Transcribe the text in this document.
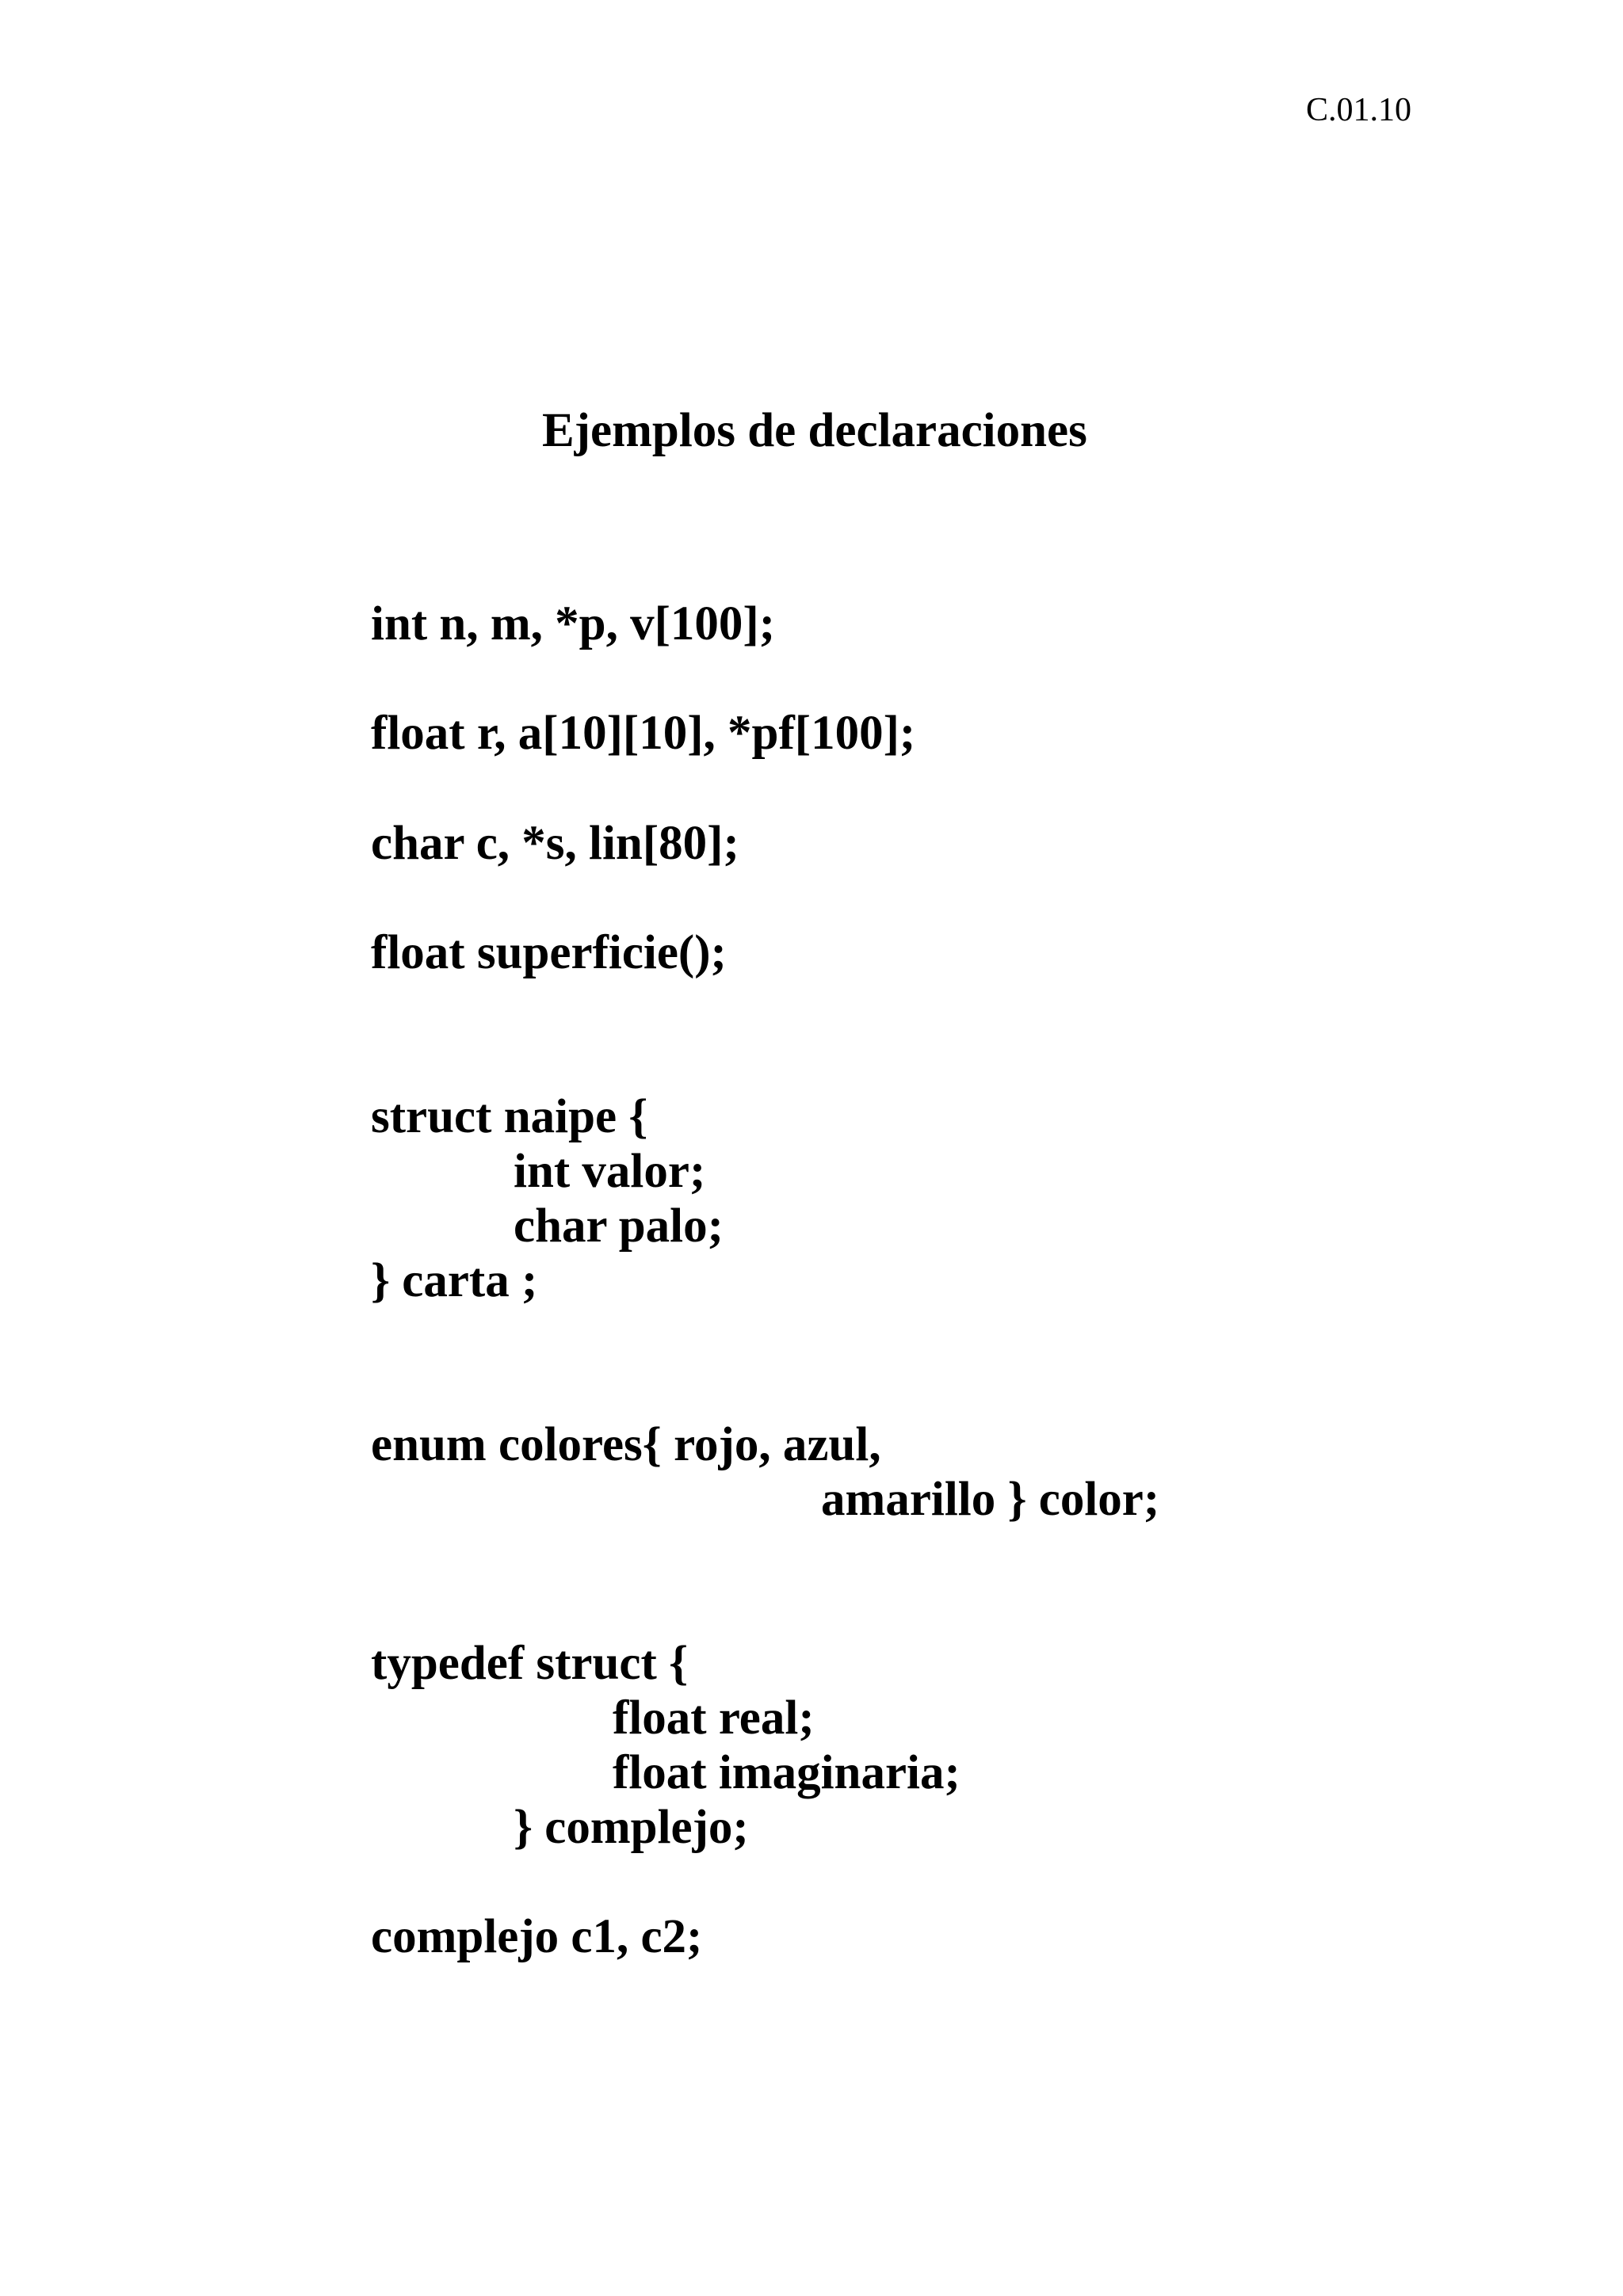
C.01.10
Ejemplos de declaraciones
int n, m, *p, v[100];
float r, a[10][10], *pf[100];
char c, *s, lin[80];
float superficie();
struct naipe {
int valor;
char palo;
} carta ;
enum colores{ rojo, azul,
amarillo } color;
typedef struct {
float real;
float imaginaria;
} complejo;
complejo c1, c2;
